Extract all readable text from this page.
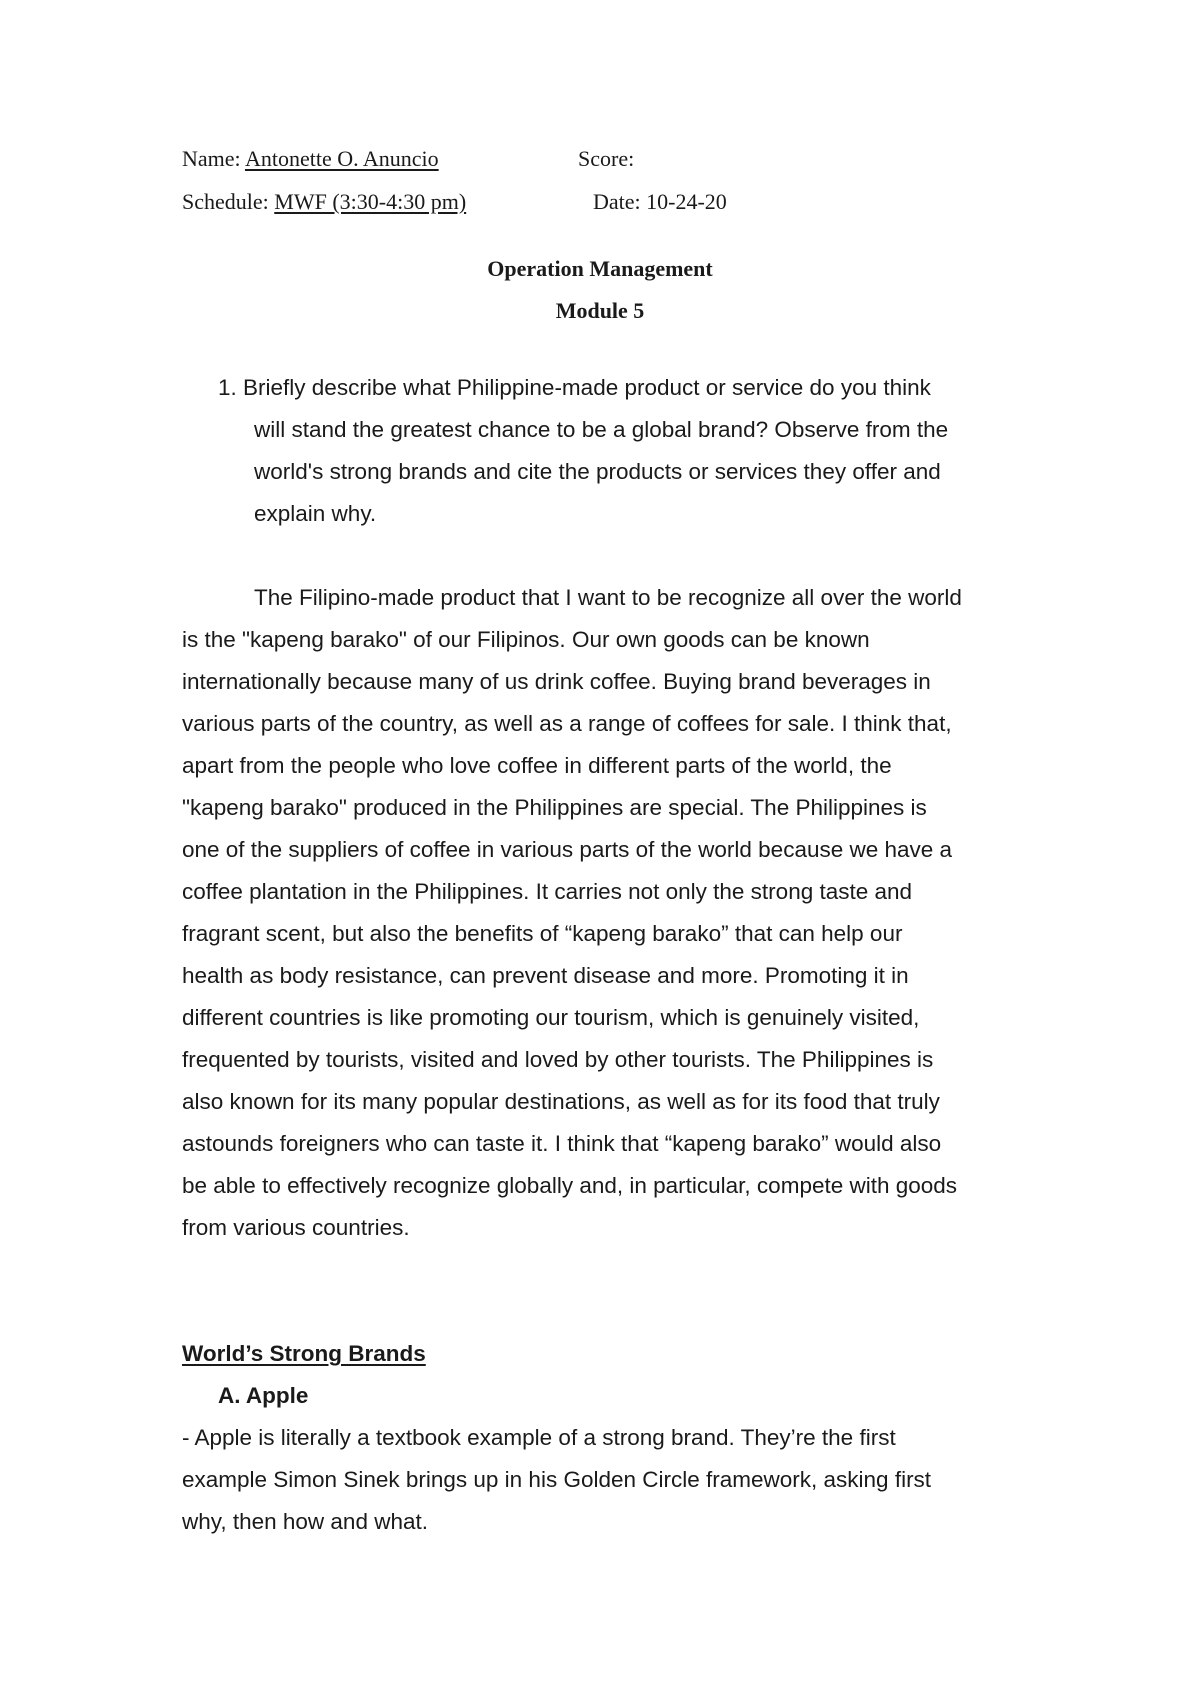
Name: Antonette O. Anuncio	Score:
Schedule: MWF (3:30-4:30 pm)	Date: 10-24-20
Operation Management
Module 5
1. Briefly describe what Philippine-made product or service do you think
will stand the greatest chance to be a global brand? Observe from the
world's strong brands and cite the products or services they offer and
explain why.
The Filipino-made product that I want to be recognize all over the world
is the "kapeng barako" of our Filipinos. Our own goods can be known
internationally because many of us drink coffee. Buying brand beverages in
various parts of the country, as well as a range of coffees for sale. I think that,
apart from the people who love coffee in different parts of the world, the
"kapeng barako" produced in the Philippines are special. The Philippines is
one of the suppliers of coffee in various parts of the world because we have a
coffee plantation in the Philippines. It carries not only the strong taste and
fragrant scent, but also the benefits of “kapeng barako” that can help our
health as body resistance, can prevent disease and more. Promoting it in
different countries is like promoting our tourism, which is genuinely visited,
frequented by tourists, visited and loved by other tourists. The Philippines is
also known for its many popular destinations, as well as for its food that truly
astounds foreigners who can taste it. I think that “kapeng barako” would also
be able to effectively recognize globally and, in particular, compete with goods
from various countries.
World’s Strong Brands
A. Apple
- Apple is literally a textbook example of a strong brand. They’re the first
example Simon Sinek brings up in his Golden Circle framework, asking first
why, then how and what.
